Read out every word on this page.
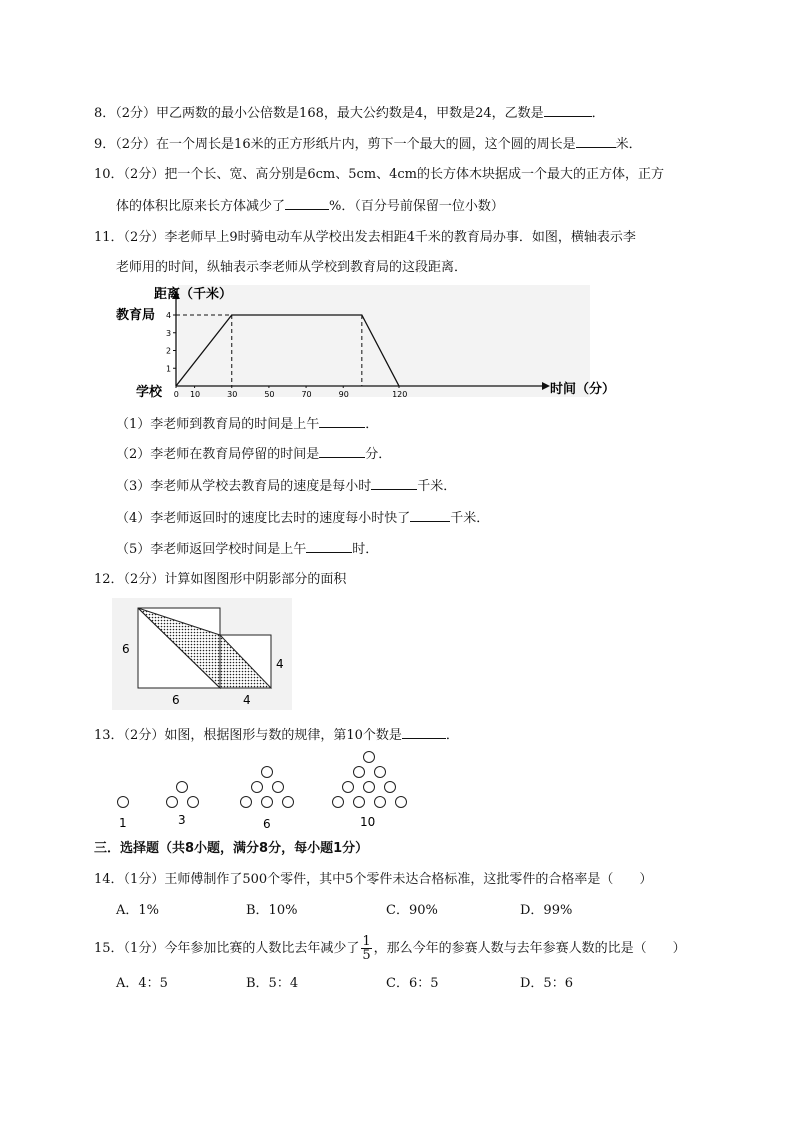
8．（2分）甲乙两数的最小公倍数是168，最大公约数是4，甲数是24，乙数是	．
9．（2分）在一个周长是16米的正方形纸片内，剪下一个最大的圆，这个圆的周长是	米．
10．（2分）把一个长、宽、高分别是6cm、5cm、4cm的长方体木块据成一个最大的正方体，正方
体的体积比原来长方体减少了	%．（百分号前保留一位小数）
11．（2分）李老师早上9时骑电动车从学校出发去相距4千米的教育局办事．如图，横轴表示李
老师用的时间，纵轴表示李老师从学校到教育局的这段距离．
1
2
3
4
0 10	30	50	70	90	120
距离（千米）
教育局
学校	时间（分）
（1）李老师到教育局的时间是上午	．
（2）李老师在教育局停留的时间是	分．
（3）李老师从学校去教育局的速度是每小时	千米．
（4）李老师返回时的速度比去时的速度每小时快了	千米．
（5）李老师返回学校时间是上午	时．
12．（2分）计算如图图形中阴影部分的面积
6
6
4
4
13．（2分）如图，根据图形与数的规律，第10个数是	．
1	3	6	10
三．选择题（共8小题，满分8分，每小题1分）
14．（1分）王师傅制作了500个零件，其中5个零件未达合格标准，这批零件的合格率是（　　）
A．1%	B．10%	C．90%	D．99%
15．（1分）今年参加比赛的人数比去年减少了 $\frac{1}{5}$ ，那么今年的参赛人数与去年参赛人数的比是（　　）
A．4：5	B．5：4	C．6：5	D．5：6
